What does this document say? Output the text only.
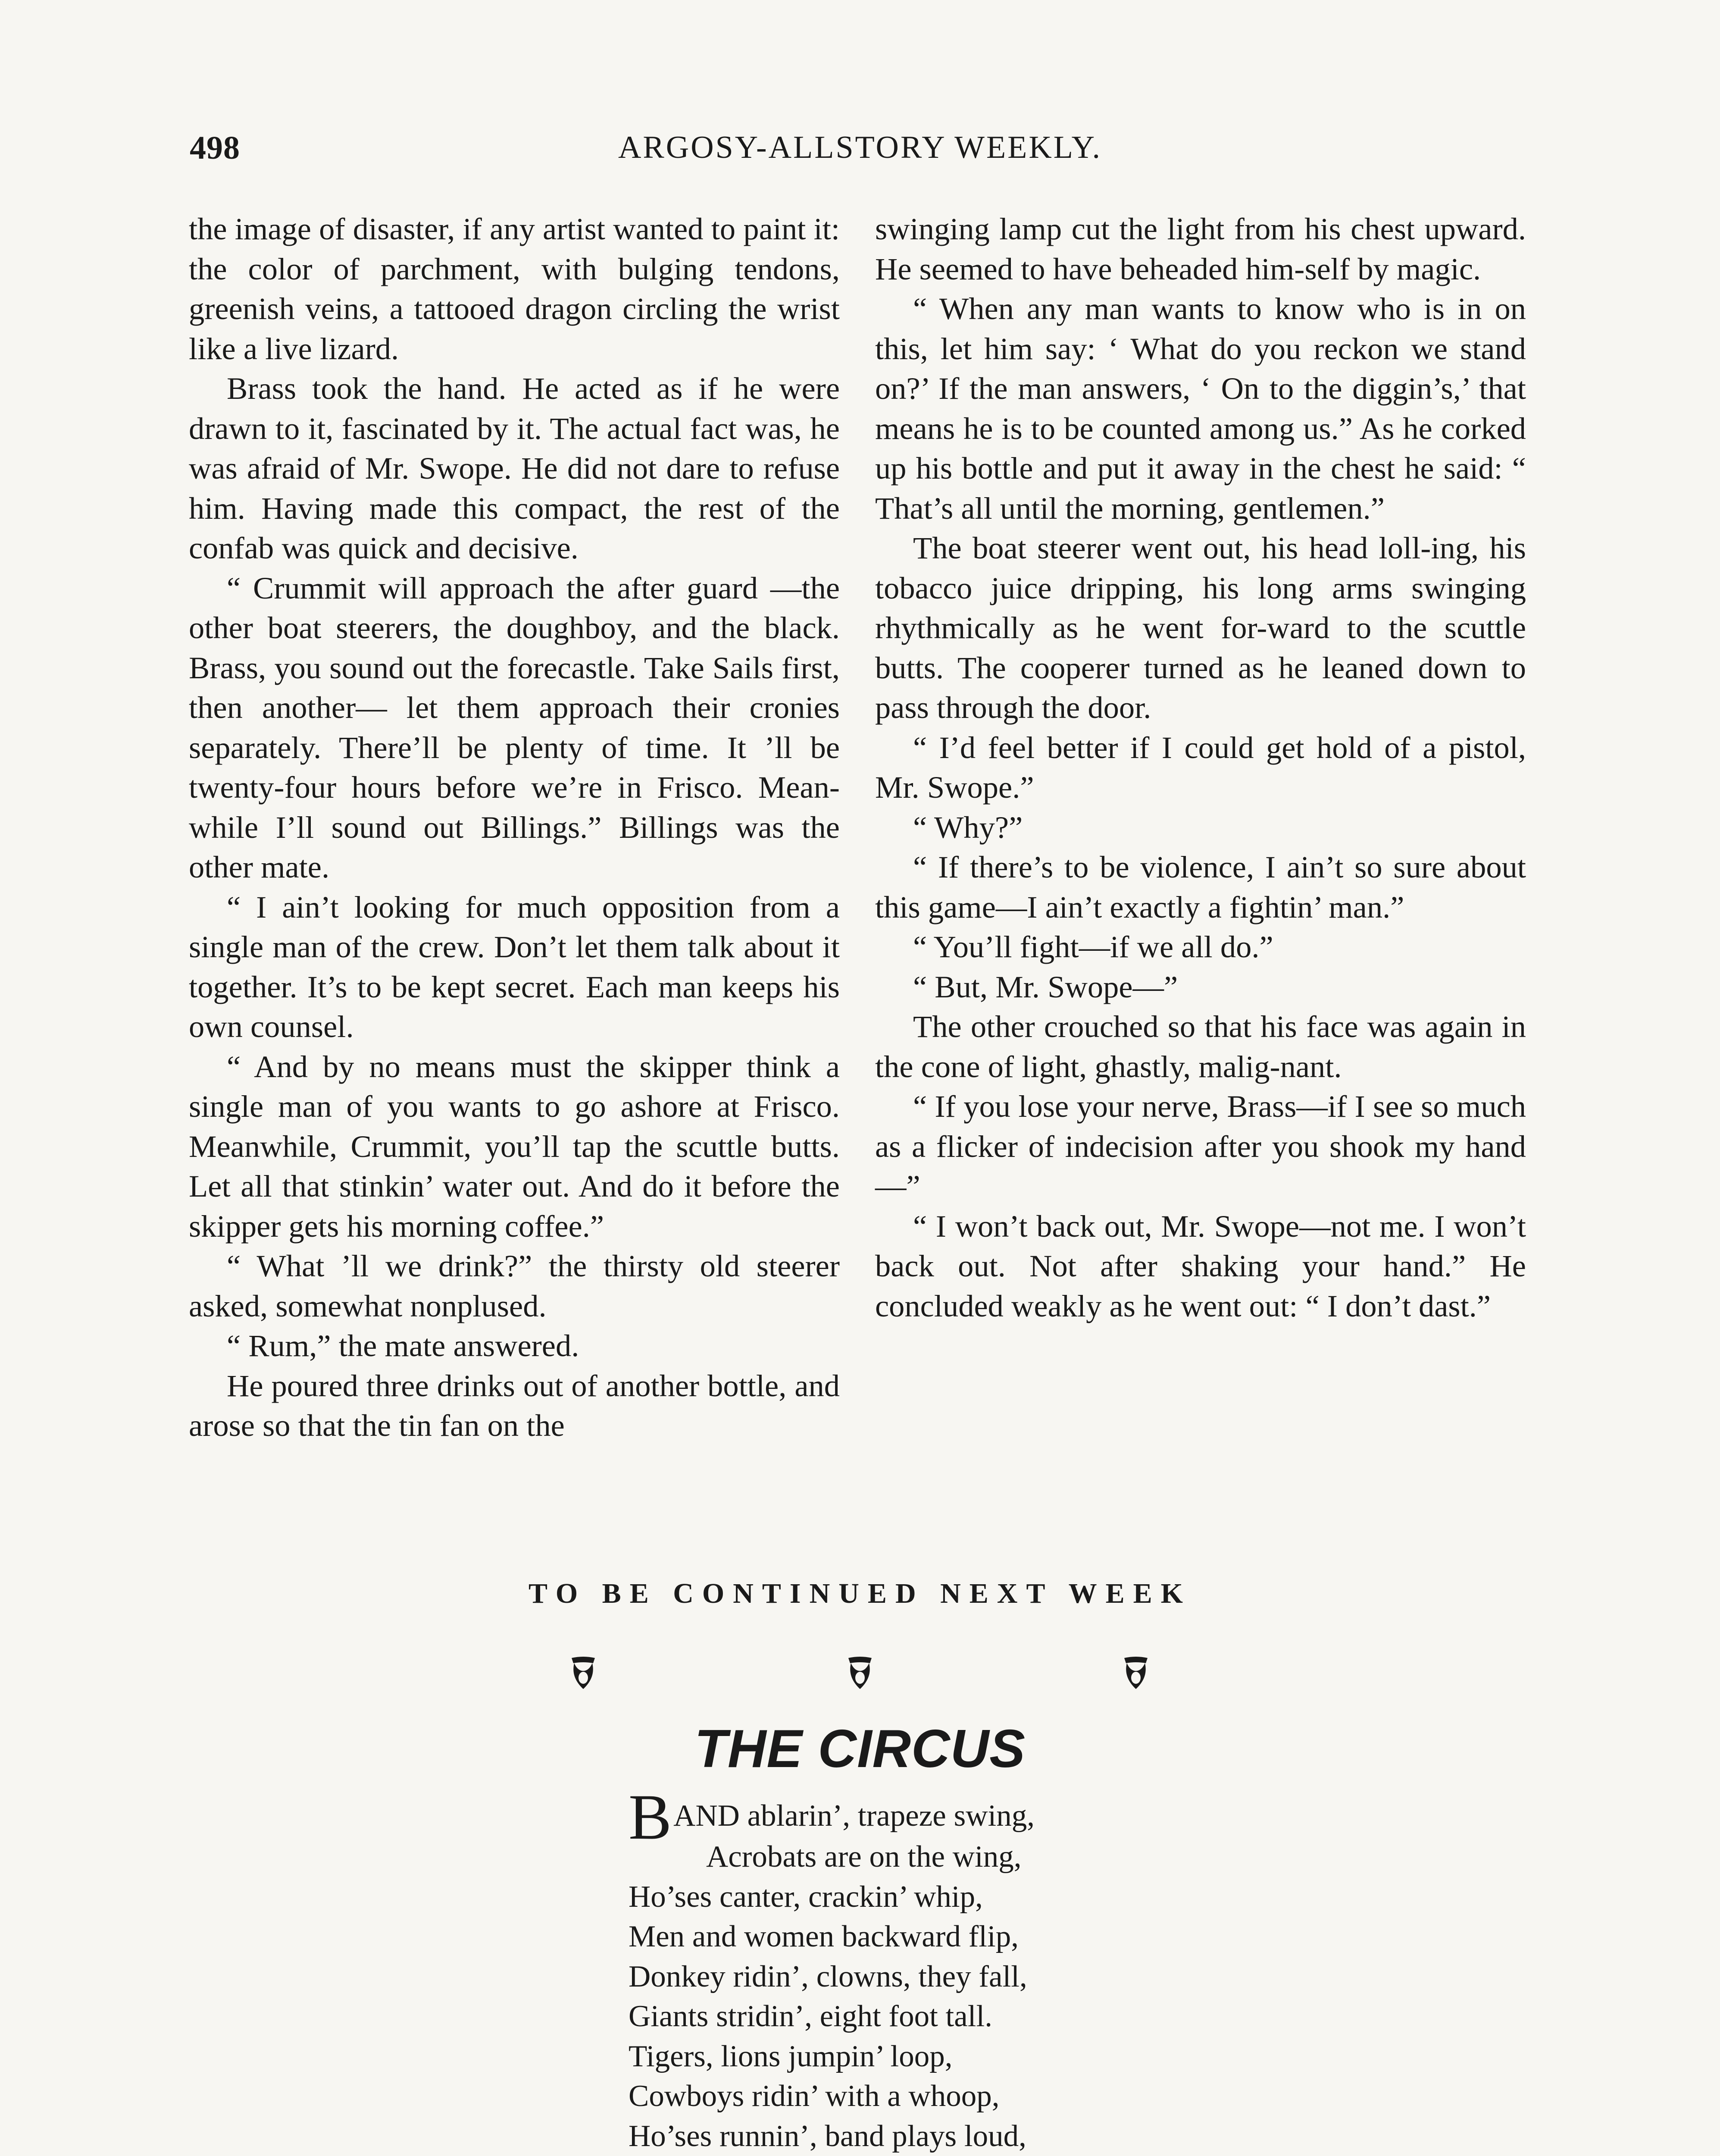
498	ARGOSY-ALLSTORY WEEKLY.

the image of disaster, if any artist wanted to paint it: the color of parchment, with bulging tendons, greenish veins, a tattooed dragon circling the wrist like a live lizard.

Brass took the hand. He acted as if he were drawn to it, fascinated by it. The actual fact was, he was afraid of Mr. Swope. He did not dare to refuse him. Having made this compact, the rest of the confab was quick and decisive.

“ Crummit will approach the after guard —the other boat steerers, the doughboy, and the black. Brass, you sound out the forecastle. Take Sails first, then another— let them approach their cronies separately. There’ll be plenty of time. It ’ll be twenty-four hours before we’re in Frisco. Mean-while I’ll sound out Billings.” Billings was the other mate.

“ I ain’t looking for much opposition from a single man of the crew. Don’t let them talk about it together. It’s to be kept secret. Each man keeps his own counsel.

“ And by no means must the skipper think a single man of you wants to go ashore at Frisco. Meanwhile, Crummit, you’ll tap the scuttle butts. Let all that stinkin’ water out. And do it before the skipper gets his morning coffee.”

“ What ’ll we drink?” the thirsty old steerer asked, somewhat nonplused.

“ Rum,” the mate answered.

He poured three drinks out of another bottle, and arose so that the tin fan on the

swinging lamp cut the light from his chest upward. He seemed to have beheaded him-self by magic.

“ When any man wants to know who is in on this, let him say: ‘ What do you reckon we stand on?’ If the man answers, ‘ On to the diggin’s,’ that means he is to be counted among us.” As he corked up his bottle and put it away in the chest he said: “ That’s all until the morning, gentlemen.”

The boat steerer went out, his head loll-ing, his tobacco juice dripping, his long arms swinging rhythmically as he went for-ward to the scuttle butts. The cooperer turned as he leaned down to pass through the door.

“ I’d feel better if I could get hold of a pistol, Mr. Swope.”

“ Why?”

“ If there’s to be violence, I ain’t so sure about this game—I ain’t exactly a fightin’ man.”

“ You’ll fight—if we all do.”

“ But, Mr. Swope—”

The other crouched so that his face was again in the cone of light, ghastly, malig-nant.

“ If you lose your nerve, Brass—if I see so much as a flicker of indecision after you shook my hand—”

“ I won’t back out, Mr. Swope—not me. I won’t back out. Not after shaking your hand.” He concluded weakly as he went out: “ I don’t dast.”

TO BE CONTINUED NEXT WEEK
THE CIRCUS
BAND ablarin’, trapeze swing,
Acrobats are on the wing,
Ho’ses canter, crackin’ whip,
Men and women backward flip,
Donkey ridin’, clowns, they fall,
Giants stridin’, eight foot tall.
Tigers, lions jumpin’ loop,
Cowboys ridin’ with a whoop,
Ho’ses runnin’, band plays loud,
